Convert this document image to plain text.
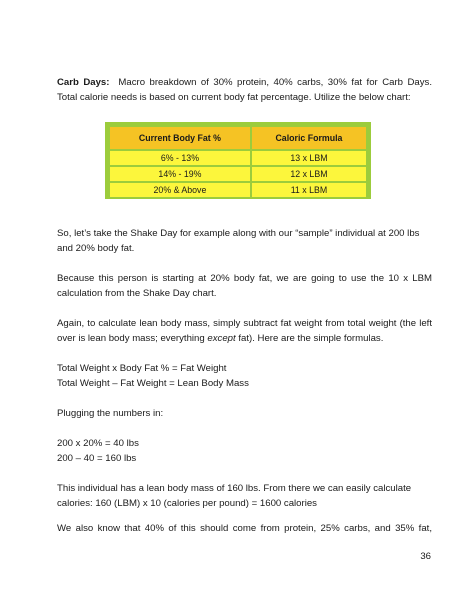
Carb Days: Macro breakdown of 30% protein, 40% carbs, 30% fat for Carb Days.
Total calorie needs is based on current body fat percentage. Utilize the below chart:

Current Body Fat %	Caloric Formula
6% - 13%	13 x LBM
14% - 19%	12 x LBM
20% & Above	11 x LBM

So, let’s take the Shake Day for example along with our “sample” individual at 200 lbs
and 20% body fat.

Because this person is starting at 20% body fat, we are going to use the 10 x LBM
calculation from the Shake Day chart.

Again, to calculate lean body mass, simply subtract fat weight from total weight (the left
over is lean body mass; everything except fat). Here are the simple formulas.

Total Weight x Body Fat % = Fat Weight
Total Weight – Fat Weight = Lean Body Mass

Plugging the numbers in:

200 x 20% = 40 lbs
200 – 40 = 160 lbs

This individual has a lean body mass of 160 lbs. From there we can easily calculate
calories: 160 (LBM) x 10 (calories per pound) = 1600 calories

We also know that 40% of this should come from protein, 25% carbs, and 35% fat,

36
